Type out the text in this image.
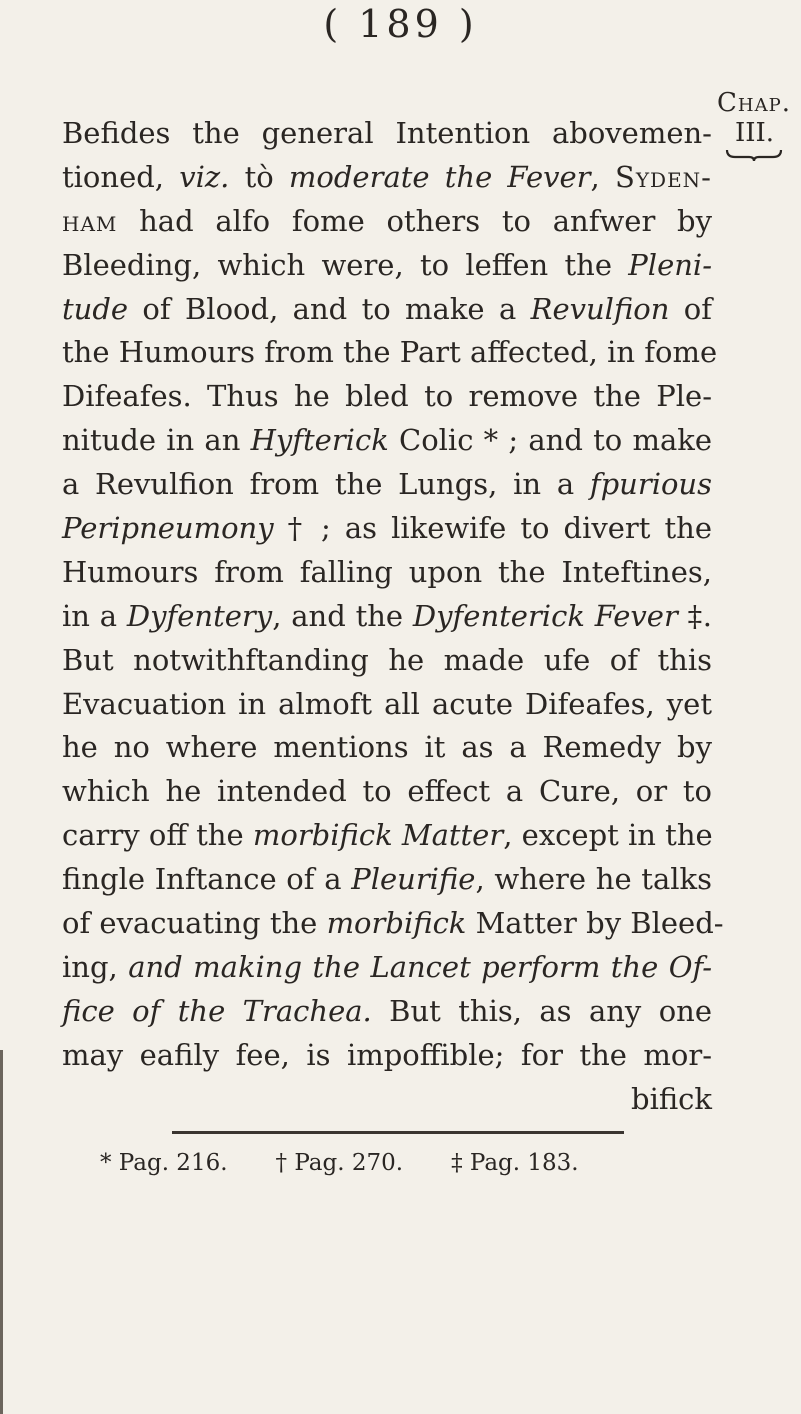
( 189 )
Chap.
III.
Befides the general Intention abovemen-
tioned, viz. tò moderate the Fever, Syden-
ham had alfo fome others to anfwer by
Bleeding, which were, to leffen the Pleni-
tude of Blood, and to make a Revulfion of
the Humours from the Part affected, in fome
Difeafes. Thus he bled to remove the Ple-
nitude in an Hyfterick Colic * ; and to make
a Revulfion from the Lungs, in a fpurious
Peripneumony † ; as likewife to divert the
Humours from falling upon the Inteftines,
in a Dyfentery, and the Dyfenterick Fever ‡.
But notwithftanding he made ufe of this
Evacuation in almoft all acute Difeafes, yet
he no where mentions it as a Remedy by
which he intended to effect a Cure, or to
carry off the morbifick Matter, except in the
fingle Inftance of a Pleurifie, where he talks
of evacuating the morbifick Matter by Bleed-
ing, and making the Lancet perform the Of-
fice of the Trachea. But this, as any one
may eafily fee, is impoffible; for the mor-
bifick
* Pag. 216. † Pag. 270. ‡ Pag. 183.
